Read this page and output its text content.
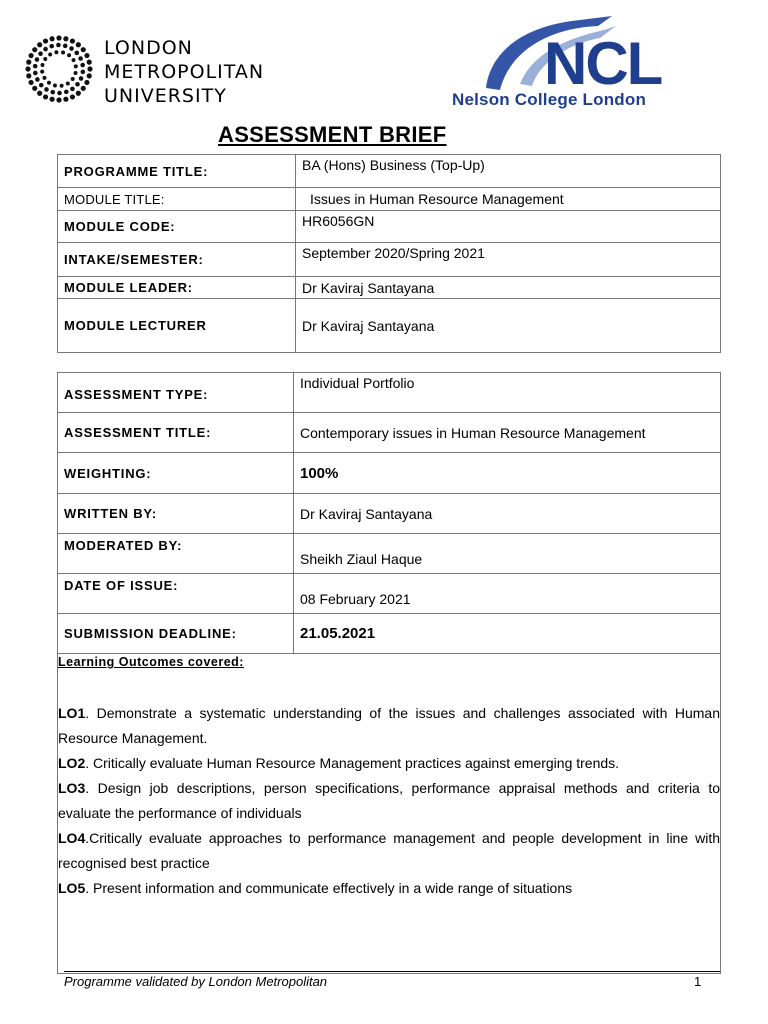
LONDON
METROPOLITAN
UNIVERSITY	NCL
Nelson College London
ASSESSMENT BRIEF
PROGRAMME TITLE:	BA (Hons) Business (Top-Up)
MODULE TITLE:	Issues in Human Resource Management
MODULE CODE:	HR6056GN
INTAKE/SEMESTER:	September 2020/Spring 2021
MODULE LEADER:	Dr Kaviraj Santayana
MODULE LECTURER	Dr Kaviraj Santayana
ASSESSMENT TYPE:	Individual Portfolio
ASSESSMENT TITLE:	Contemporary issues in Human Resource Management
WEIGHTING:	100%
WRITTEN BY:	Dr Kaviraj Santayana
MODERATED BY:	Sheikh Ziaul Haque
DATE OF ISSUE:	08 February 2021
SUBMISSION DEADLINE:	21.05.2021
Learning Outcomes covered:

LO1. Demonstrate a systematic understanding of the issues and challenges associated with Human Resource Management.

LO2. Critically evaluate Human Resource Management practices against emerging trends.

LO3. Design job descriptions, person specifications, performance appraisal methods and criteria to evaluate the performance of individuals

LO4.Critically evaluate approaches to performance management and people development in line with recognised best practice

LO5. Present information and communicate effectively in a wide range of situations

Programme validated by London Metropolitan	1
